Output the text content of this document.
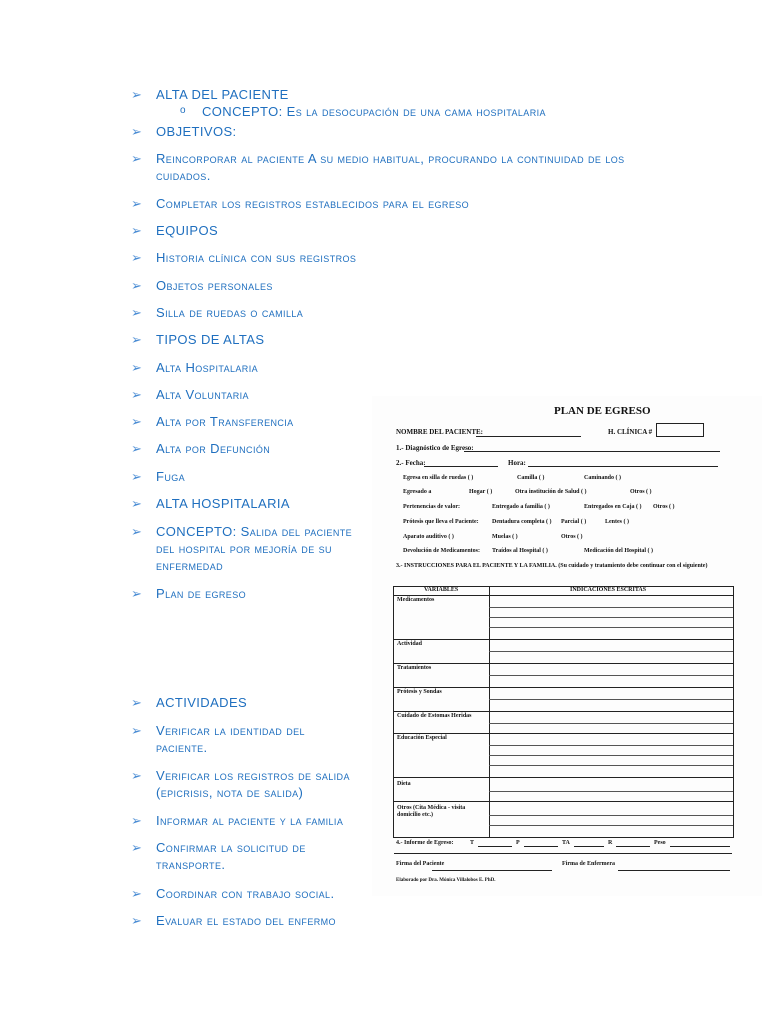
➢ ALTA DEL PACIENTE
o CONCEPTO: Es la desocupación de una cama hospitalaria
➢ OBJETIVOS:
➢ Reincorporar al paciente A su medio habitual, procurando la continuidad de los cuidados.
➢ Completar los registros establecidos para el egreso
➢ EQUIPOS
➢ Historia clínica con sus registros
➢ Objetos personales
➢ Silla de ruedas o camilla
➢ TIPOS DE ALTAS
➢ Alta Hospitalaria
➢ Alta Voluntaria
➢ Alta por Transferencia
➢ Alta por Defunción
➢ Fuga
➢ ALTA HOSPITALARIA
➢ CONCEPTO: Salida del paciente del hospital por mejoría de su enfermedad
➢ Plan de egreso
➢ ACTIVIDADES
➢ Verificar la identidad del paciente.
➢ Verificar los registros de salida (epicrisis, nota de salida)
➢ Informar al paciente y la familia
➢ Confirmar la solicitud de transporte.
➢ Coordinar con trabajo social.
➢ Evaluar el estado del enfermo
PLAN DE EGRESO
NOMBRE DEL PACIENTE:	H. CLÍNICA #
1.- Diagnóstico de Egreso:
2.- Fecha:	Hora:
Egresa en silla de ruedas ( )	Camilla ( )	Caminando ( )
Egresado a	Hogar ( )	Otra institución de Salud ( )	Otros ( )
Pertenencias de valor:	Entregado a familia ( )	Entregados en Caja ( ) Otros ( )
Prótesis que lleva el Paciente: Dentadura completa ( ) Parcial ( )	Lentes ( )
Aparato auditivo ( )	Muelas ( )	Otros ( )
Devolución de Medicamentos: Traídos al Hospital ( )	Medicación del Hospital ( )
3.- INSTRUCCIONES PARA EL PACIENTE Y LA FAMILIA. (Su cuidado y tratamiento debe continuar con el siguiente)
VARIABLES	INDICACIONES ESCRITAS
Medicamentos
Actividad
Tratamientos
Prótesis y Sondas
Cuidado de Estomas Heridas
Educación Especial
Dieta
Otros (Cita Médica - visita domicilio etc.)
4.- Informe de Egreso:	T	P	TA	R	Peso
Firma del Paciente	Firma de Enfermera
Elaborado por Dra. Mónica Villalobos E. PhD.
